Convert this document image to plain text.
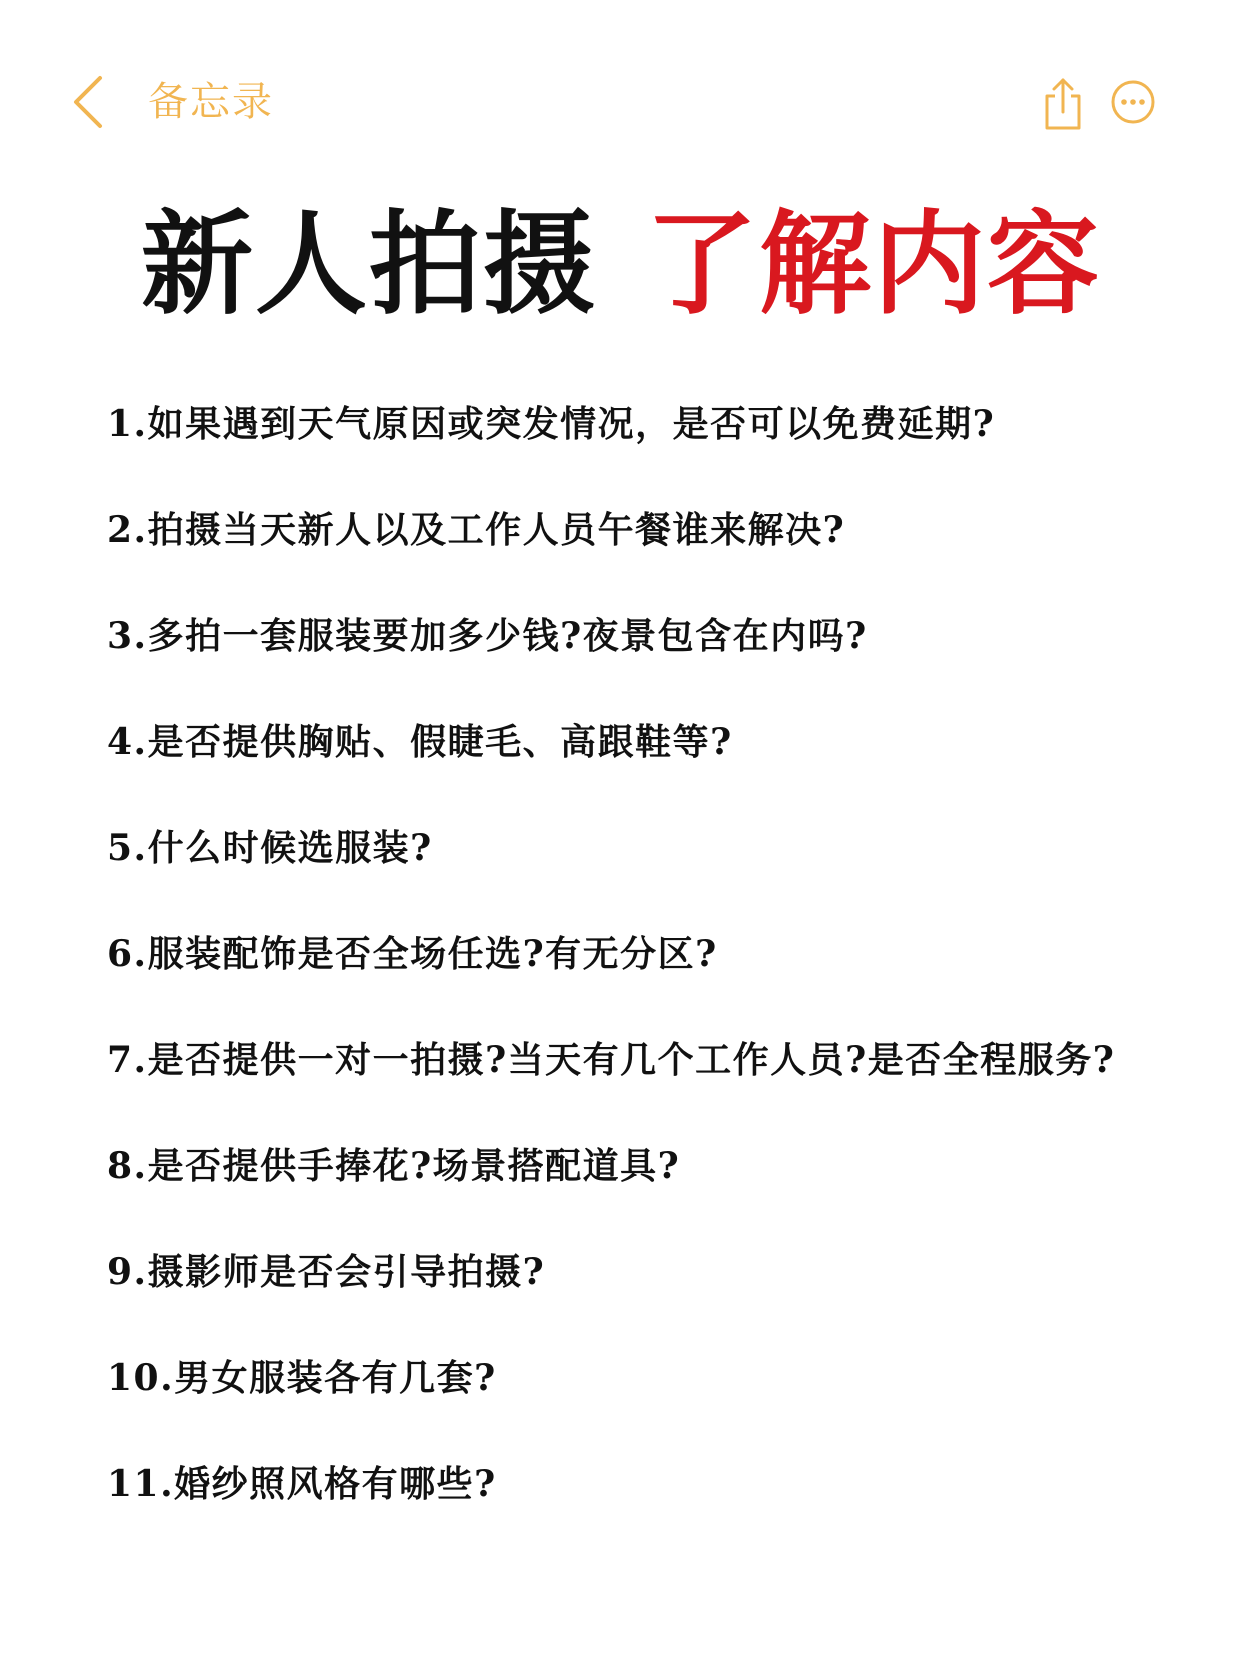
备忘录
新人拍摄 了解内容
1.如果遇到天气原因或突发情况，是否可以免费延期?
2.拍摄当天新人以及工作人员午餐谁来解决?
3.多拍一套服装要加多少钱?夜景包含在内吗?
4.是否提供胸贴、假睫毛、高跟鞋等?
5.什么时候选服装?
6.服装配饰是否全场任选?有无分区?
7.是否提供一对一拍摄?当天有几个工作人员?是否全程服务?
8.是否提供手捧花?场景搭配道具?
9.摄影师是否会引导拍摄?
10.男女服装各有几套?
11.婚纱照风格有哪些?
